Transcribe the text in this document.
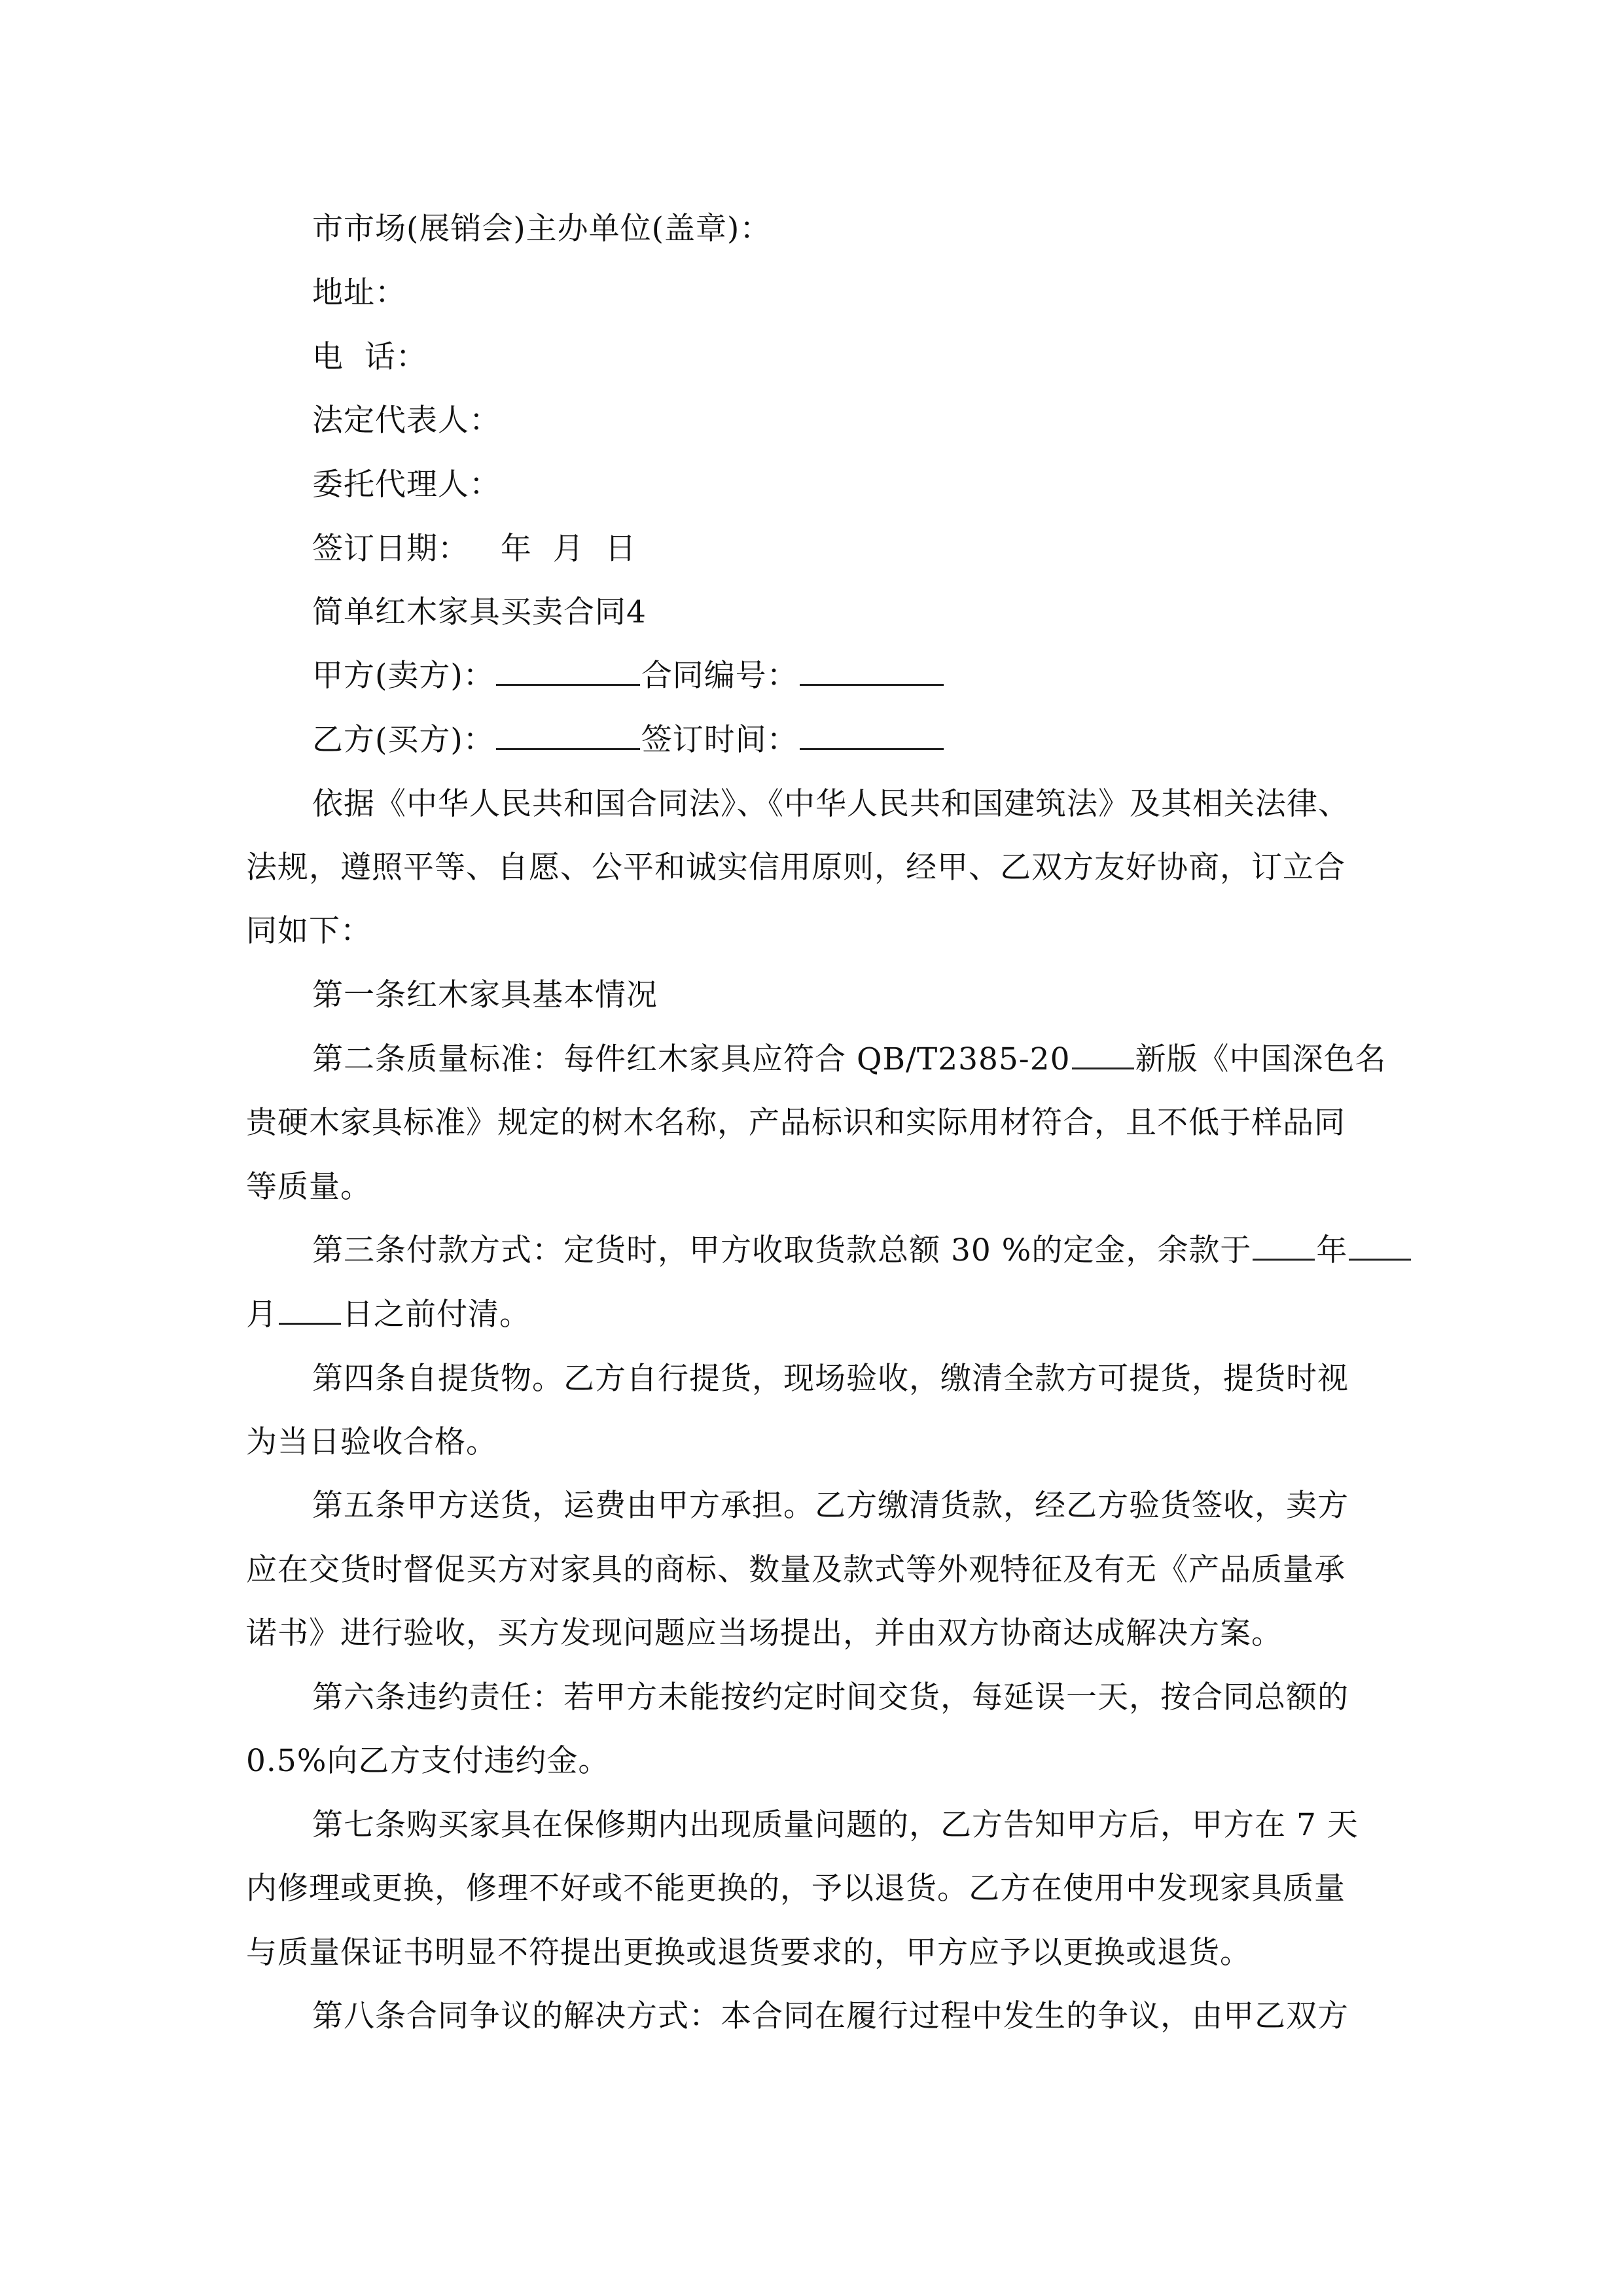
市市场(展销会)主办单位(盖章)：
地址：
电  话：
法定代表人：
委托代理人：
签订日期：   年  月  日
简单红木家具买卖合同4
甲方(卖方)：	合同编号：
乙方(买方)：	签订时间：
依据《中华人民共和国合同法》、《中华人民共和国建筑法》及其相关法律、
法规，遵照平等、自愿、公平和诚实信用原则，经甲、乙双方友好协商，订立合
同如下：
第一条红木家具基本情况
第二条质量标准：每件红木家具应符合 QB/T2385-20 新版《中国深色名
贵硬木家具标准》规定的树木名称，产品标识和实际用材符合，且不低于样品同
等质量。
第三条付款方式：定货时，甲方收取货款总额 30 %的定金，余款于 年
月 日之前付清。
第四条自提货物。乙方自行提货，现场验收，缴清全款方可提货，提货时视
为当日验收合格。
第五条甲方送货，运费由甲方承担。乙方缴清货款，经乙方验货签收，卖方
应在交货时督促买方对家具的商标、数量及款式等外观特征及有无《产品质量承
诺书》进行验收，买方发现问题应当场提出，并由双方协商达成解决方案。
第六条违约责任：若甲方未能按约定时间交货，每延误一天，按合同总额的
0.5%向乙方支付违约金。
第七条购买家具在保修期内出现质量问题的，乙方告知甲方后，甲方在 7 天
内修理或更换，修理不好或不能更换的，予以退货。乙方在使用中发现家具质量
与质量保证书明显不符提出更换或退货要求的，甲方应予以更换或退货。
第八条合同争议的解决方式：本合同在履行过程中发生的争议，由甲乙双方
